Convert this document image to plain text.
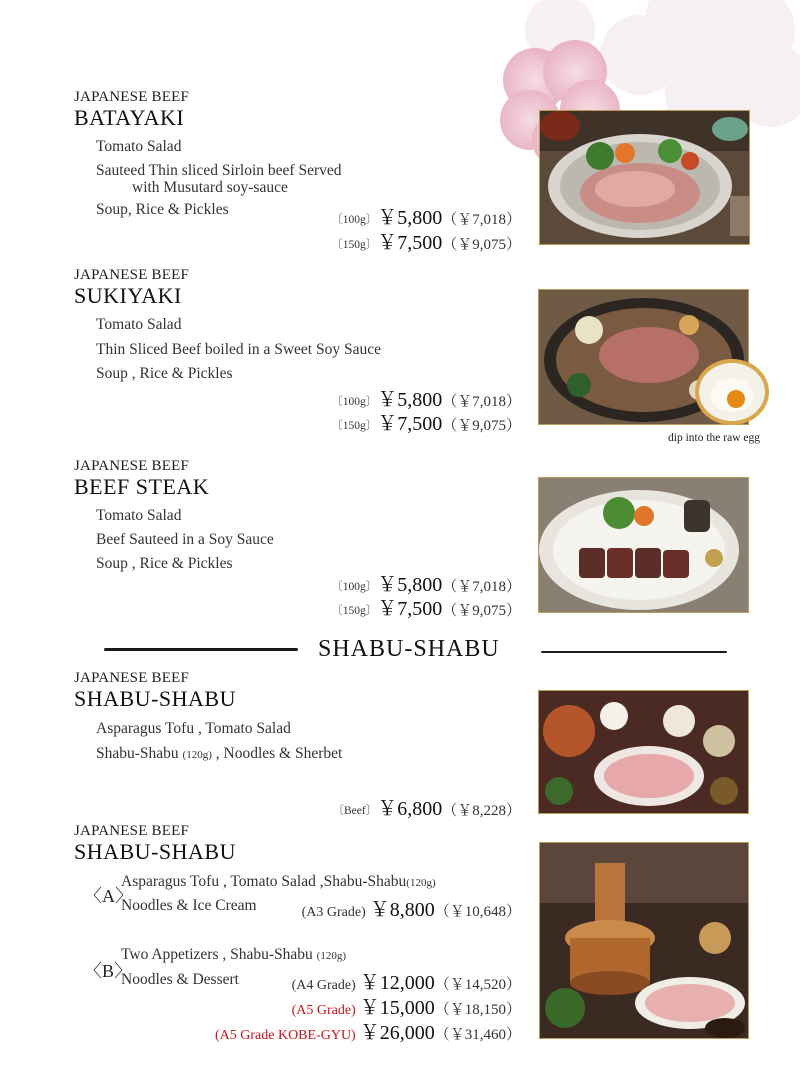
JAPANESE BEEF
BATAYAKI
Tomato Salad
Sauteed Thin sliced Sirloin beef Served
with Musutard soy-sauce
Soup, Rice & Pickles
〔100g〕￥5,800（￥7,018）
〔150g〕￥7,500（￥9,075）
JAPANESE BEEF
SUKIYAKI
Tomato Salad
Thin Sliced Beef boiled in a Sweet Soy Sauce
Soup , Rice & Pickles
〔100g〕￥5,800（￥7,018）
〔150g〕￥7,500（￥9,075）
dip into the raw egg
JAPANESE BEEF
BEEF STEAK
Tomato Salad
Beef Sauteed in a Soy Sauce
Soup , Rice & Pickles
〔100g〕￥5,800（￥7,018）
〔150g〕￥7,500（￥9,075）
SHABU-SHABU
JAPANESE BEEF
SHABU-SHABU
Asparagus Tofu , Tomato Salad
Shabu-Shabu (120g) , Noodles & Sherbet
〔Beef〕￥6,800（￥8,228）
JAPANESE BEEF
SHABU-SHABU
〈A〉
Asparagus Tofu , Tomato Salad ,Shabu-Shabu(120g)
Noodles & Ice Cream	(A3 Grade) ￥8,800（￥10,648）
〈B〉
Two Appetizers , Shabu-Shabu (120g)
Noodles & Dessert	(A4 Grade) ￥12,000（￥14,520）
(A5 Grade) ￥15,000（￥18,150）
(A5 Grade KOBE-GYU) ￥26,000（￥31,460）
